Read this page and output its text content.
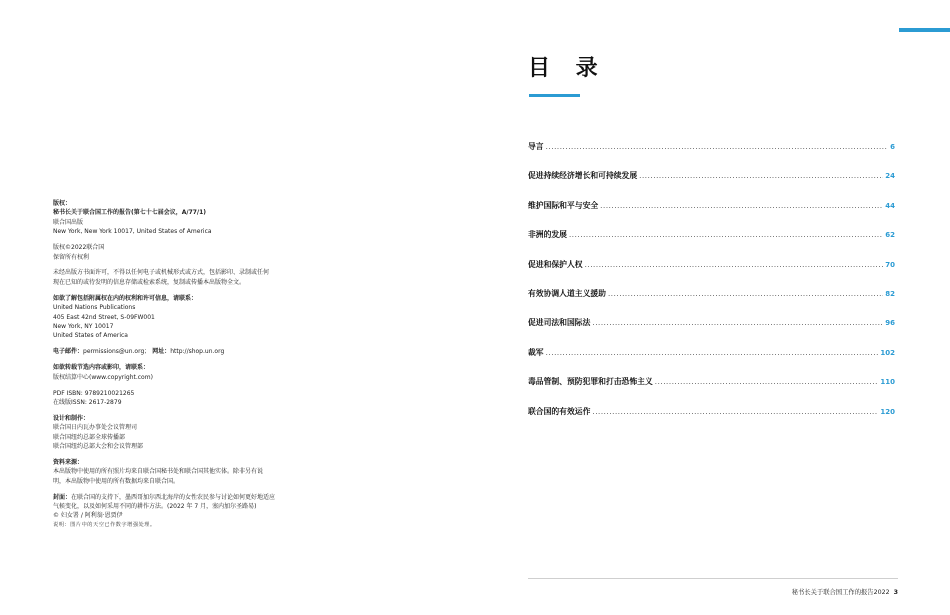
版权：

秘书长关于联合国工作的报告(第七十七届会议，A/77/1)

联合国出版

New York, New York 10017, United States of America

版权©2022联合国

保留所有权利

未经出版方书面许可，不得以任何电子或机械形式或方式，包括影印、录制或任何

现在已知的或待发明的信息存储或检索系统，复制或传播本出版物全文。

如欲了解包括附属权在内的权利和许可信息，请联系：

United Nations Publications

405 East 42nd Street, S-09FW001

New York, NY 10017

United States of America

电子邮件：permissions@un.org； 网址：http://shop.un.org

如欲转载节选内容或影印，请联系：

版权结算中心(www.copyright.com)

PDF ISBN: 9789210021265

在线版ISSN: 2617-2879

设计和制作：

联合国日内瓦办事处会议管理司

联合国纽约总部全球传播部

联合国纽约总部大会和会议管理部

资料来源：

本出版物中使用的所有照片均来自联合国秘书处和联合国其他实体。除非另有说

明，本出版物中使用的所有数据均来自联合国。

封面：在联合国的支持下，墨西哥加尔西北海岸的女性农民参与讨论如何更好地适应

气候变化，以及如何采用不同的耕作方法。(2022 年 7 月，塞内加尔圣路易)

© 妇女署 / 阿利翁·恩贾伊

说明：图片中的天空已作数字增强处理。

目 录
导言 .....	6
促进持续经济增长和可持续发展 .....	24
维护国际和平与安全 .....	44
非洲的发展 .....	62
促进和保护人权 .....	70
有效协调人道主义援助 .....	82
促进司法和国际法 .....	96
裁军 .....	102
毒品管制、预防犯罪和打击恐怖主义 .....	110
联合国的有效运作 .....	120
秘书长关于联合国工作的报告2022 3
